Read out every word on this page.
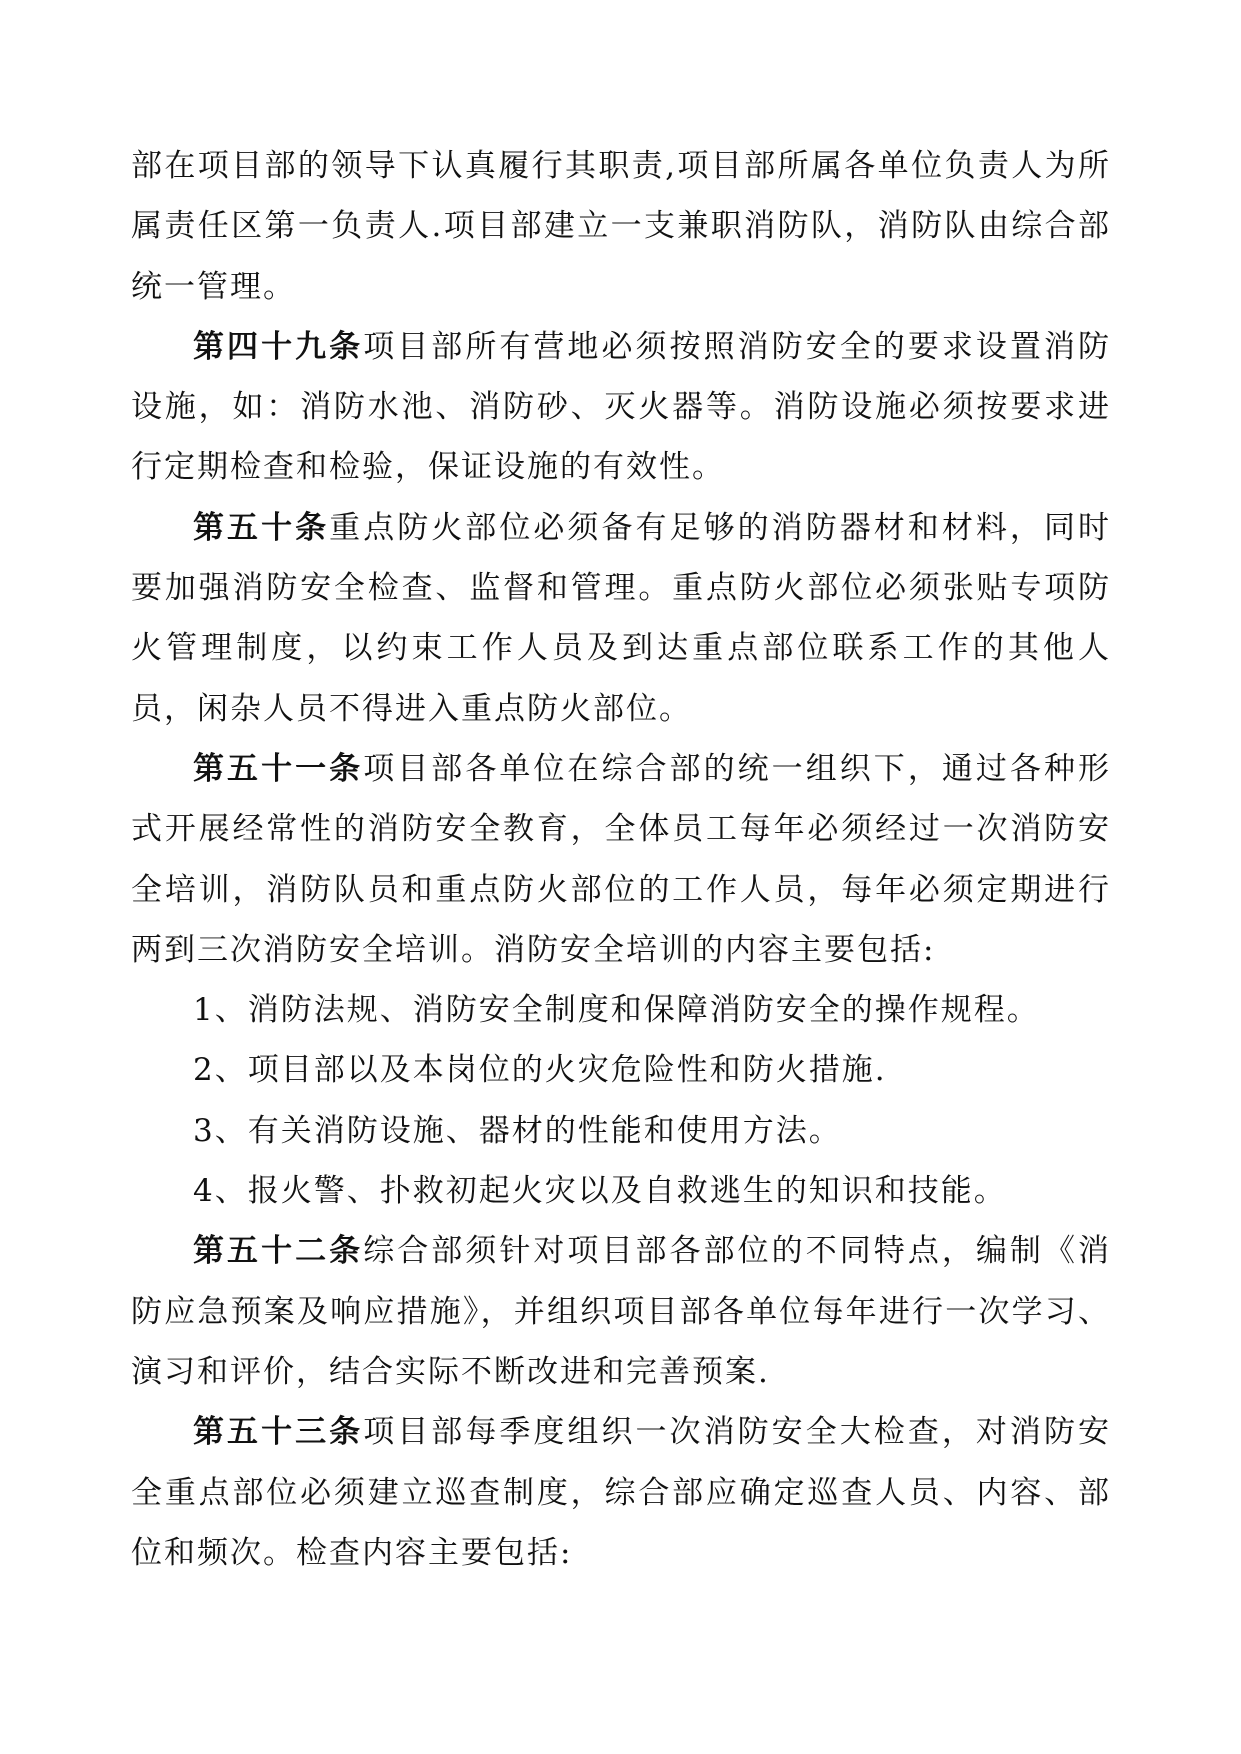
部在项目部的领导下认真履行其职责,项目部所属各单位负责人为所属责任区第一负责人.项目部建立一支兼职消防队，消防队由综合部统一管理。

第四十九条项目部所有营地必须按照消防安全的要求设置消防设施，如：消防水池、消防砂、灭火器等。消防设施必须按要求进行定期检查和检验，保证设施的有效性。

第五十条重点防火部位必须备有足够的消防器材和材料，同时要加强消防安全检查、监督和管理。重点防火部位必须张贴专项防火管理制度，以约束工作人员及到达重点部位联系工作的其他人员，闲杂人员不得进入重点防火部位。

第五十一条项目部各单位在综合部的统一组织下，通过各种形式开展经常性的消防安全教育，全体员工每年必须经过一次消防安全培训，消防队员和重点防火部位的工作人员，每年必须定期进行两到三次消防安全培训。消防安全培训的内容主要包括:

1、消防法规、消防安全制度和保障消防安全的操作规程。

2、项目部以及本岗位的火灾危险性和防火措施.

3、有关消防设施、器材的性能和使用方法。

4、报火警、扑救初起火灾以及自救逃生的知识和技能。

第五十二条综合部须针对项目部各部位的不同特点，编制《消防应急预案及响应措施》，并组织项目部各单位每年进行一次学习、演习和评价，结合实际不断改进和完善预案.

第五十三条项目部每季度组织一次消防安全大检查，对消防安全重点部位必须建立巡查制度，综合部应确定巡查人员、内容、部位和频次。检查内容主要包括:
